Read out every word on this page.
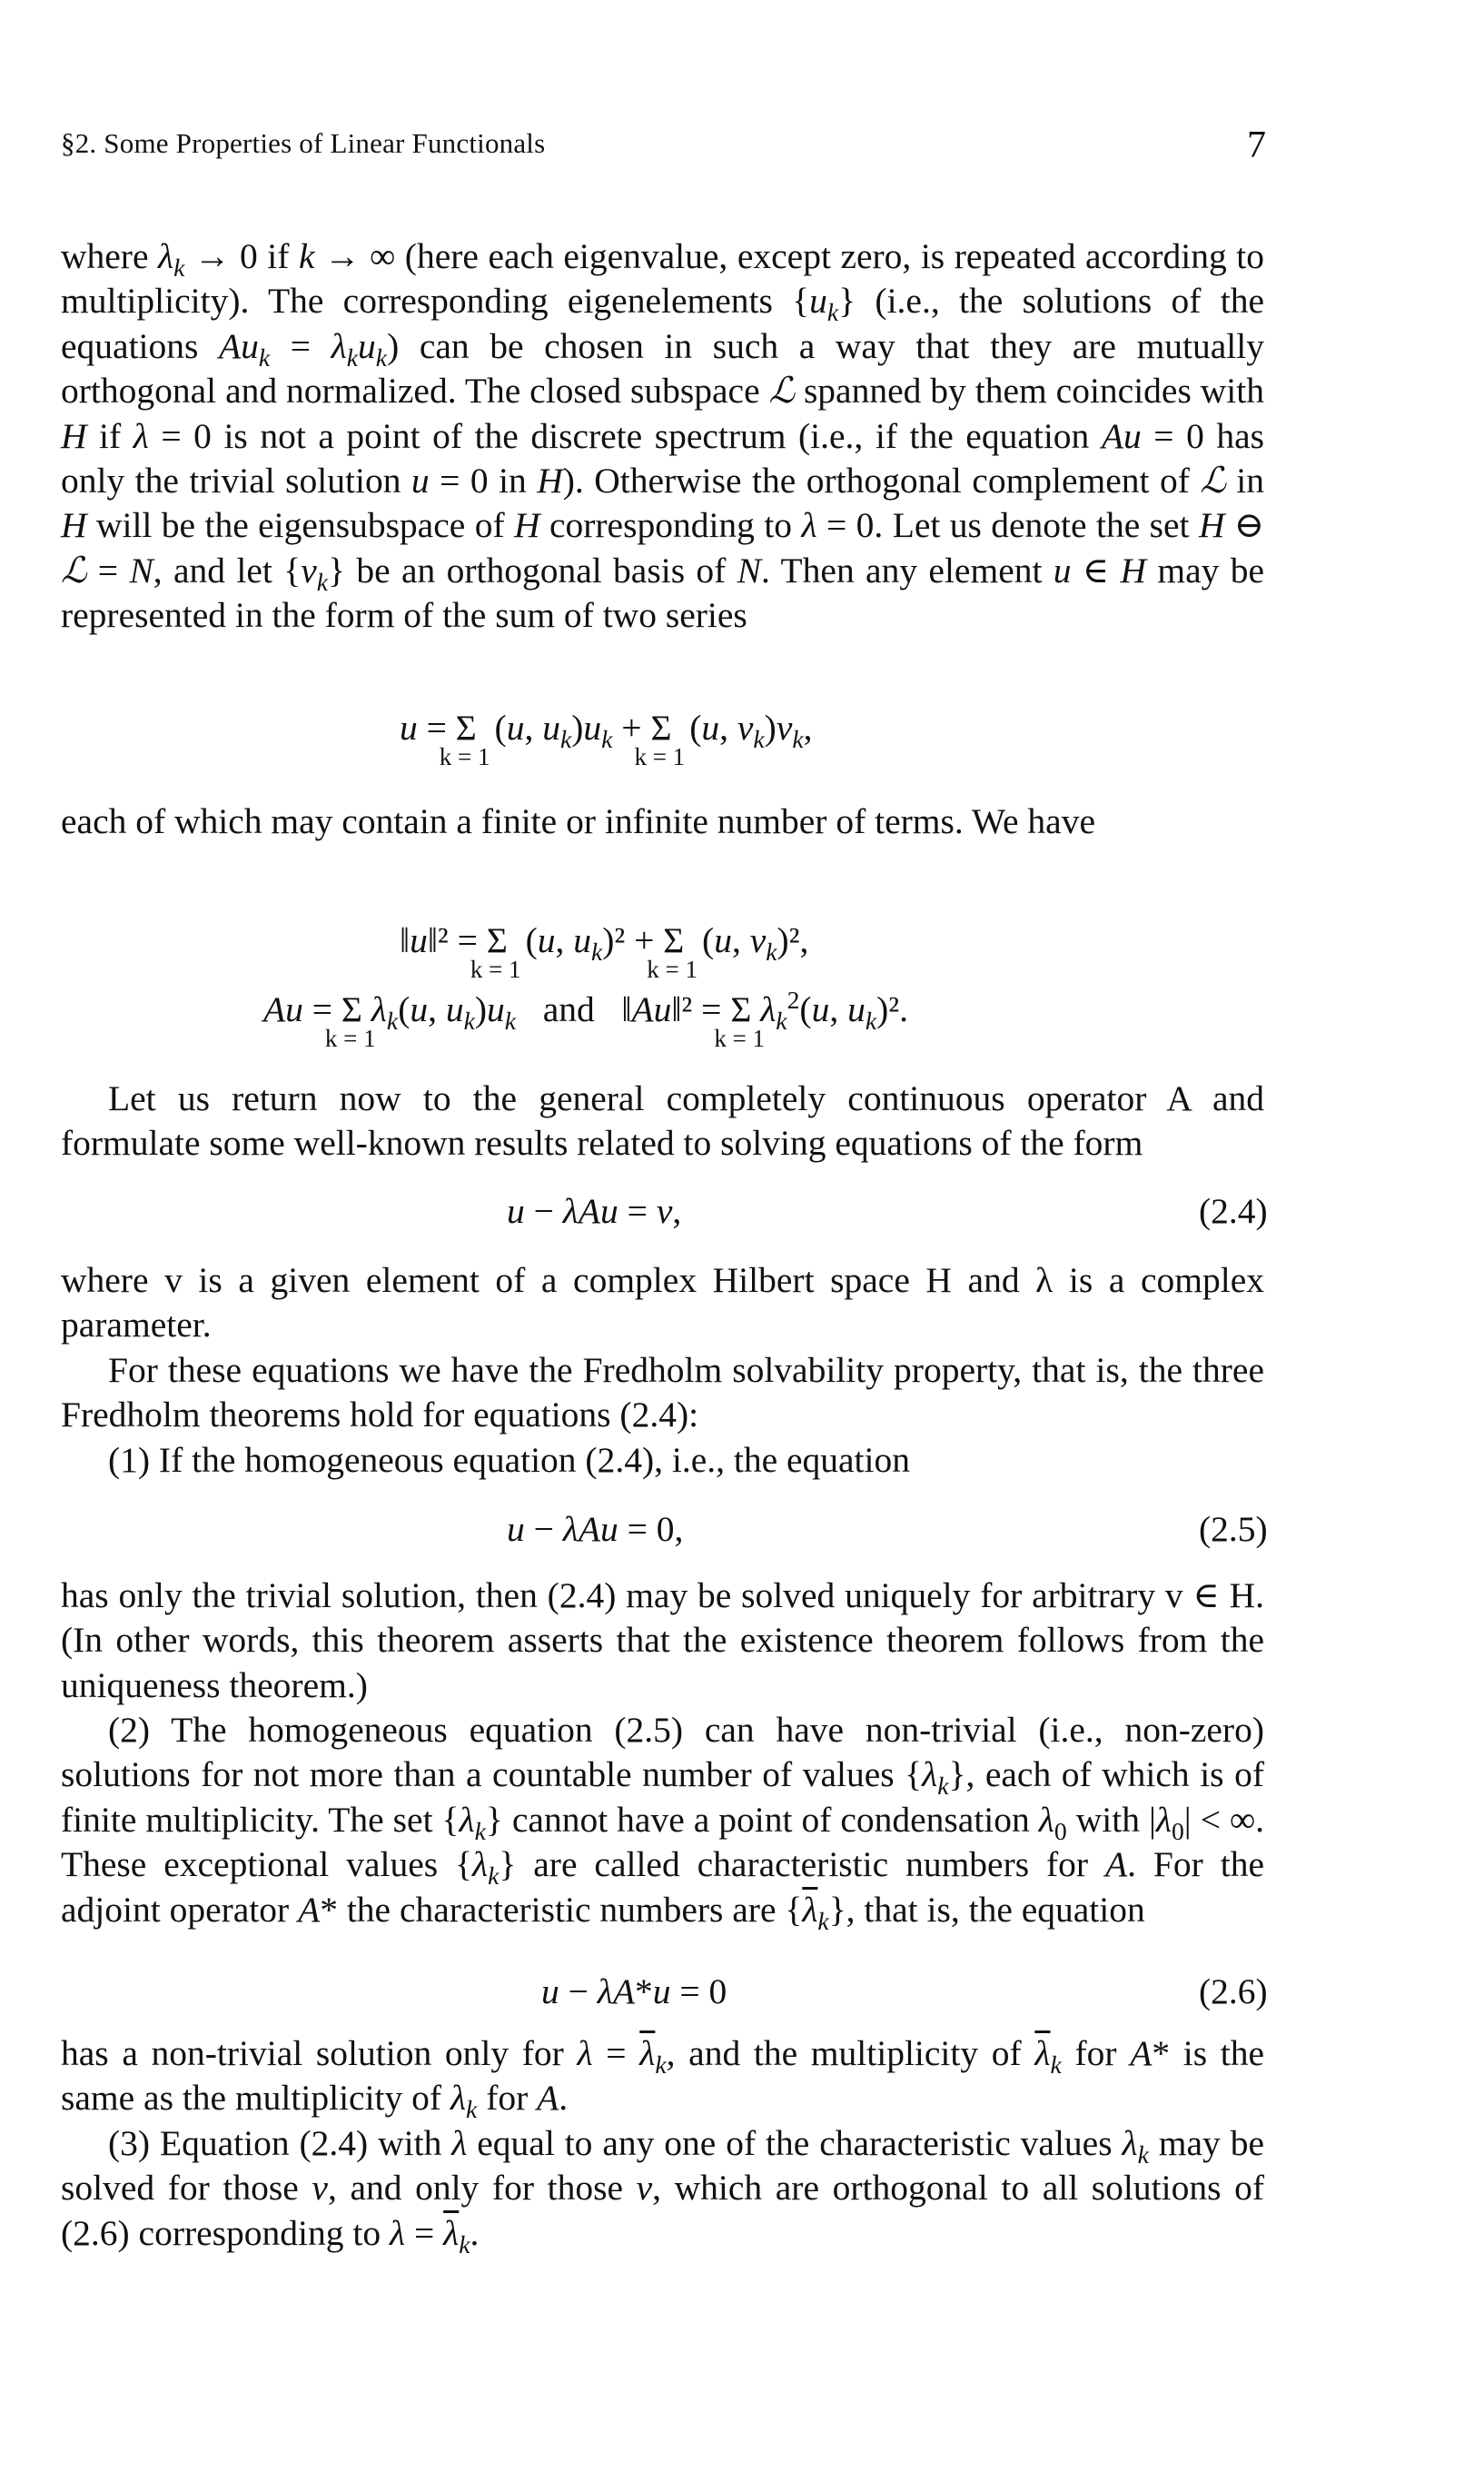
§2. Some Properties of Linear Functionals	7

where $\lambda_k \to 0$ if k → ∞ (here each eigenvalue, except zero, is repeated according to multiplicity). The corresponding eigenelements $\{u_k\}$ (i.e., the solutions of the equations $Au_k = \lambda_ku_k$) can be chosen in such a way that they are mutually orthogonal and normalized. The closed subspace ℒ spanned by them coincides with H if λ = 0 is not a point of the discrete spectrum (i.e., if the equation Au = 0 has only the trivial solution u = 0 in H). Otherwise the orthogonal complement of ℒ in H will be the eigensubspace of H corresponding to λ = 0. Let us denote the set H ⊖ ℒ = N, and let $\{v_k\}$ be an orthogonal basis of N. Then any element u ∈ H may be represented in the form of the sum of two series

u = Σ
k = 1
(u, $u_k)u_k + \Sigma$
k = 1
(u, $v_k)v_k$,
each of which may contain a finite or infinite number of terms. We have
‖u‖² = Σ
k = 1
(u, $u_k)^2 + \Sigma$
k = 1
(u, $v_k)^2$,
Au = Σ
k = 1
$\lambda_k(u$, $u_k)u_k$ and   ‖Au‖² = Σ
k = 1
$\lambda_k^2(u$, $u_k)^2$.
Let us return now to the general completely continuous operator A and formulate some well-known results related to solving equations of the form
u − λAu = v,	(2.4)
where v is a given element of a complex Hilbert space H and λ is a complex parameter.
For these equations we have the Fredholm solvability property, that is, the three Fredholm theorems hold for equations (2.4):
(1) If the homogeneous equation (2.4), i.e., the equation
u − λAu = 0,	(2.5)
has only the trivial solution, then (2.4) may be solved uniquely for arbitrary v ∈ H. (In other words, this theorem asserts that the existence theorem follows from the uniqueness theorem.)

(2) The homogeneous equation (2.5) can have non-trivial (i.e., non-zero) solutions for not more than a countable number of values $\{\lambda_k\}$, each of which is of finite multiplicity. The set $\{\lambda_k\}$ cannot have a point of condensation $\lambda_0$ with $|\lambda_0|$ < ∞. These exceptional values $\{\lambda_k\}$ are called characteristic numbers for A. For the adjoint operator A* the characteristic numbers are $\{\overline{\lambda}_k\}$, that is, the equation

u − λA*u = 0	(2.6)

has a non-trivial solution only for $\lambda = \overline{\lambda}_k$, and the multiplicity of $\overline{\lambda}_k$ for A* is the same as the multiplicity of $\lambda_k$ for A.

(3) Equation (2.4) with λ equal to any one of the characteristic values $\lambda_k$ may be solved for those v, and only for those v, which are orthogonal to all solutions of (2.6) corresponding to $\lambda = \overline{\lambda}_k$.
